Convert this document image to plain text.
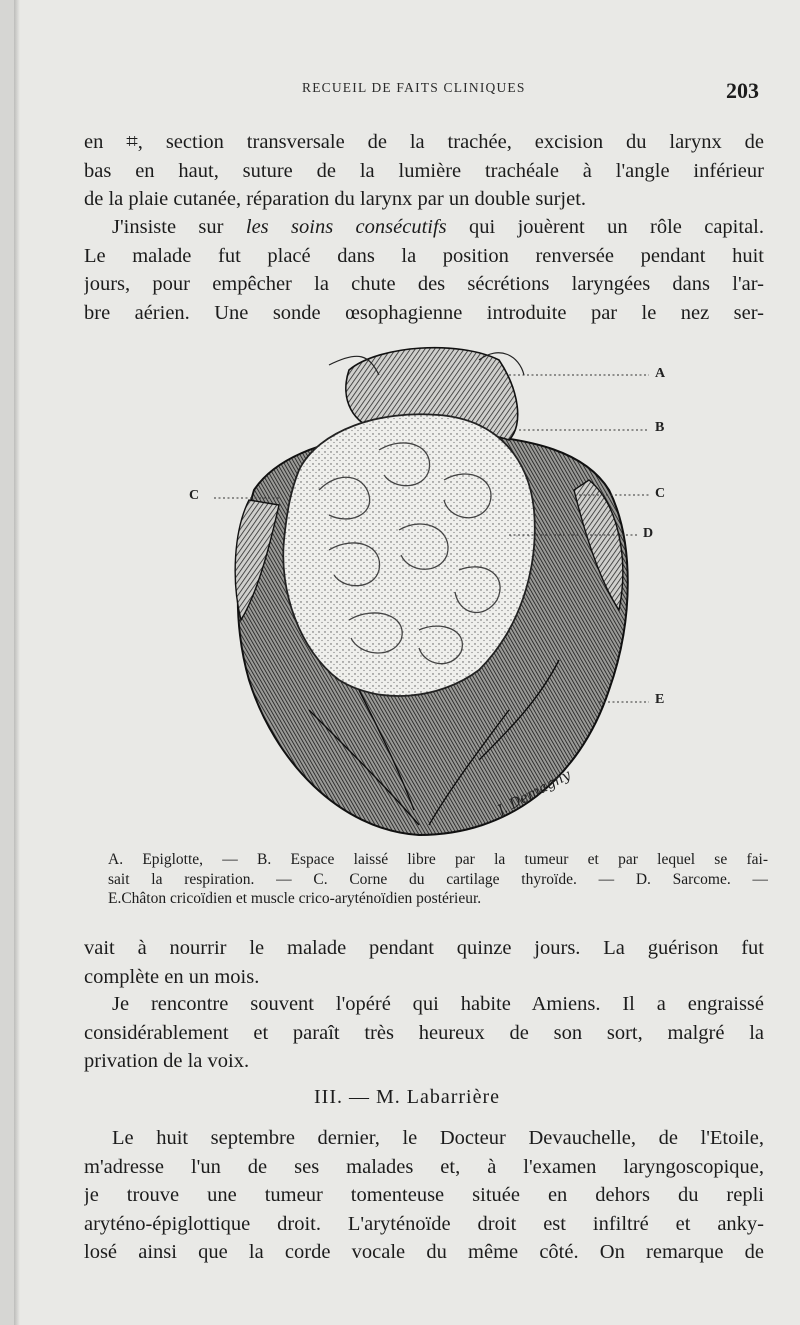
RECUEIL DE FAITS CLINIQUES	203
en ⌗, section transversale de la trachée, excision du larynx de
bas en haut, suture de la lumière trachéale à l'angle inférieur
de la plaie cutanée, réparation du larynx par un double surjet.
J'insiste sur les soins consécutifs qui jouèrent un rôle capital.
Le malade fut placé dans la position renversée pendant huit
jours, pour empêcher la chute des sécrétions laryngées dans l'ar-
bre aérien. Une sonde œsophagienne introduite par le nez ser-
A
B
C	C
D
E
J. Demagny
A. Epiglotte, — B. Espace laissé libre par la tumeur et par lequel se fai-
sait la respiration. — C. Corne du cartilage thyroïde. — D. Sarcome. —
E.Châton cricoïdien et muscle crico-aryténoïdien postérieur.
vait à nourrir le malade pendant quinze jours. La guérison fut
complète en un mois.
Je rencontre souvent l'opéré qui habite Amiens. Il a engraissé
considérablement et paraît très heureux de son sort, malgré la
privation de la voix.
III. — M. Labarrière
Le huit septembre dernier, le Docteur Devauchelle, de l'Etoile,
m'adresse l'un de ses malades et, à l'examen laryngoscopique,
je trouve une tumeur tomenteuse située en dehors du repli
aryténo-épiglottique droit. L'aryténoïde droit est infiltré et anky-
losé ainsi que la corde vocale du même côté. On remarque de
